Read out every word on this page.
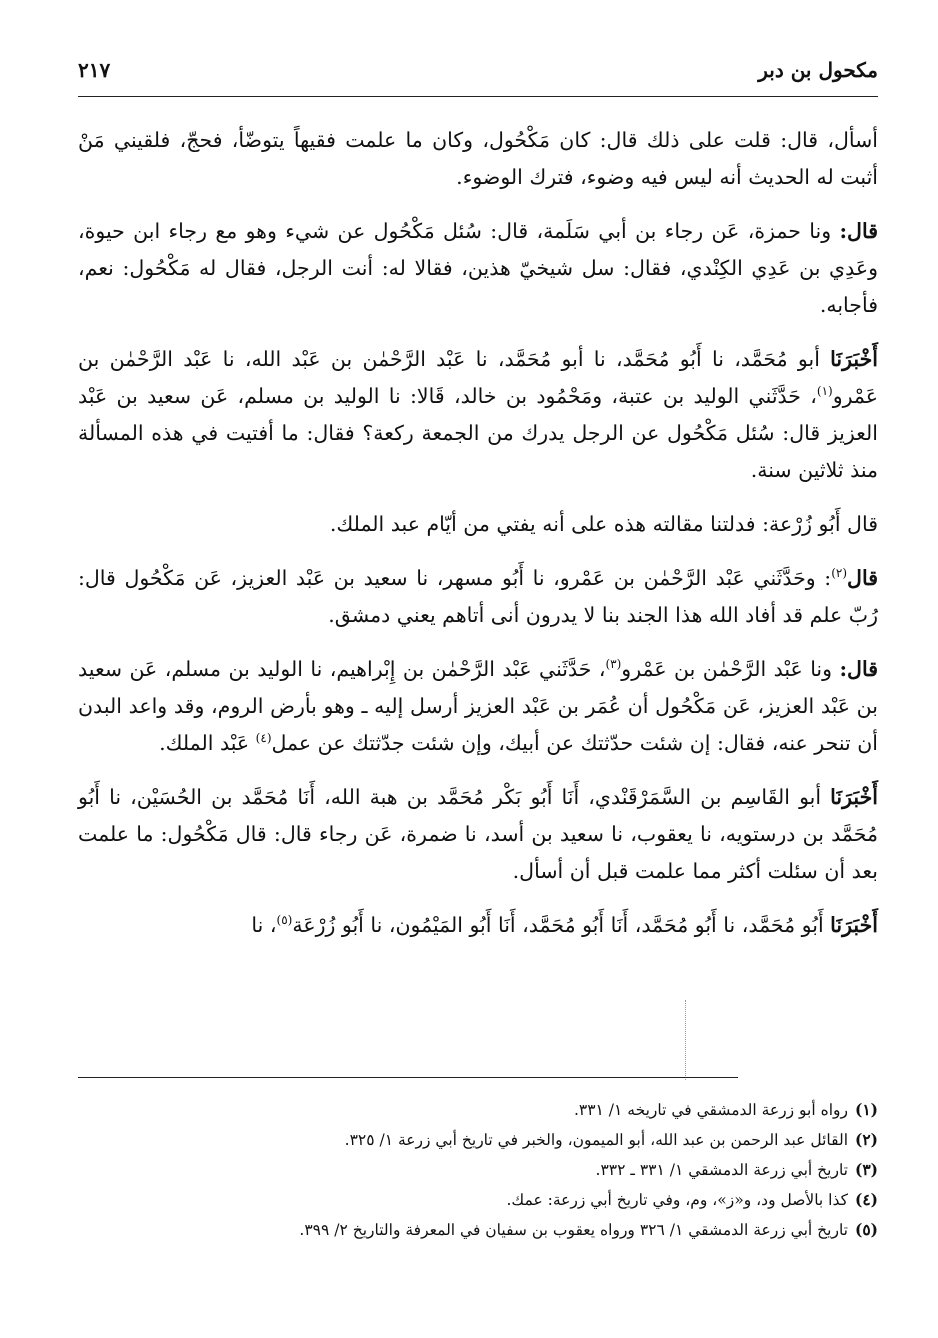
مكحول بن دبر
٢١٧

أسأل، قال: قلت على ذلك قال: كان مَكْحُول، وكان ما علمت فقيهاً يتوضّأ، فحجّ، فلقيني مَنْ أثبت له الحديث أنه ليس فيه وضوء، فترك الوضوء.

قال: ونا حمزة، عَن رجاء بن أبي سَلَمة، قال: سُئل مَكْحُول عن شيء وهو مع رجاء ابن حيوة، وعَدِي بن عَدِي الكِنْدي، فقال: سل شيخيّ هذين، فقالا له: أنت الرجل، فقال له مَكْحُول: نعم، فأجابه.

أَخْبَرَنَا أبو مُحَمَّد، نا أَبُو مُحَمَّد، نا أبو مُحَمَّد، نا عَبْد الرَّحْمٰن بن عَبْد الله، نا عَبْد الرَّحْمٰن بن عَمْرو$^{(١)}$، حَدَّثَني الوليد بن عتبة، ومَحْمُود بن خالد، قَالا: نا الوليد بن مسلم، عَن سعيد بن عَبْد العزيز قال: سُئل مَكْحُول عن الرجل يدرك من الجمعة ركعة؟ فقال: ما أفتيت في هذه المسألة منذ ثلاثين سنة.

قال أَبُو زُرْعة: فدلتنا مقالته هذه على أنه يفتي من أيّام عبد الملك.

قال$^{(٢)}$: وحَدَّثَني عَبْد الرَّحْمٰن بن عَمْرو، نا أَبُو مسهر، نا سعيد بن عَبْد العزيز، عَن مَكْحُول قال: رُبّ علم قد أفاد الله هذا الجند بنا لا يدرون أنى أتاهم يعني دمشق.

قال: ونا عَبْد الرَّحْمٰن بن عَمْرو$^{(٣)}$، حَدَّثَني عَبْد الرَّحْمٰن بن إِبْراهيم، نا الوليد بن مسلم، عَن سعيد بن عَبْد العزيز، عَن مَكْحُول أن عُمَر بن عَبْد العزيز أرسل إليه ـ وهو بأرض الروم، وقد واعد البدن أن تنحر عنه، فقال: إن شئت حدّثتك عن أبيك، وإن شئت جدّثتك عن عمل$^{(٤)}$ عَبْد الملك.

أَخْبَرَنَا أبو القَاسِم بن السَّمَرْقَنْدي، أَنَا أَبُو بَكْر مُحَمَّد بن هبة الله، أَنَا مُحَمَّد بن الحُسَيْن، نا أَبُو مُحَمَّد بن درستويه، نا يعقوب، نا سعيد بن أسد، نا ضمرة، عَن رجاء قال: قال مَكْحُول: ما علمت بعد أن سئلت أكثر مما علمت قبل أن أسأل.

أَخْبَرَنَا أَبُو مُحَمَّد، نا أَبُو مُحَمَّد، أَنَا أَبُو مُحَمَّد، أَنَا أَبُو المَيْمُون، نا أَبُو زُرْعَة$^{(٥)}$، نا

(١)رواه أبو زرعة الدمشقي في تاريخه ١/ ٣٣١.

(٢)القائل عبد الرحمن بن عبد الله، أبو الميمون، والخبر في تاريخ أبي زرعة ١/ ٣٢٥.

(٣)تاريخ أبي زرعة الدمشقي ١/ ٣٣١ ـ ٣٣٢.

(٤)كذا بالأصل ود، و«ز»، وم، وفي تاريخ أبي زرعة: عمك.

(٥)تاريخ أبي زرعة الدمشقي ١/ ٣٢٦ ورواه يعقوب بن سفيان في المعرفة والتاريخ ٢/ ٣٩٩.
